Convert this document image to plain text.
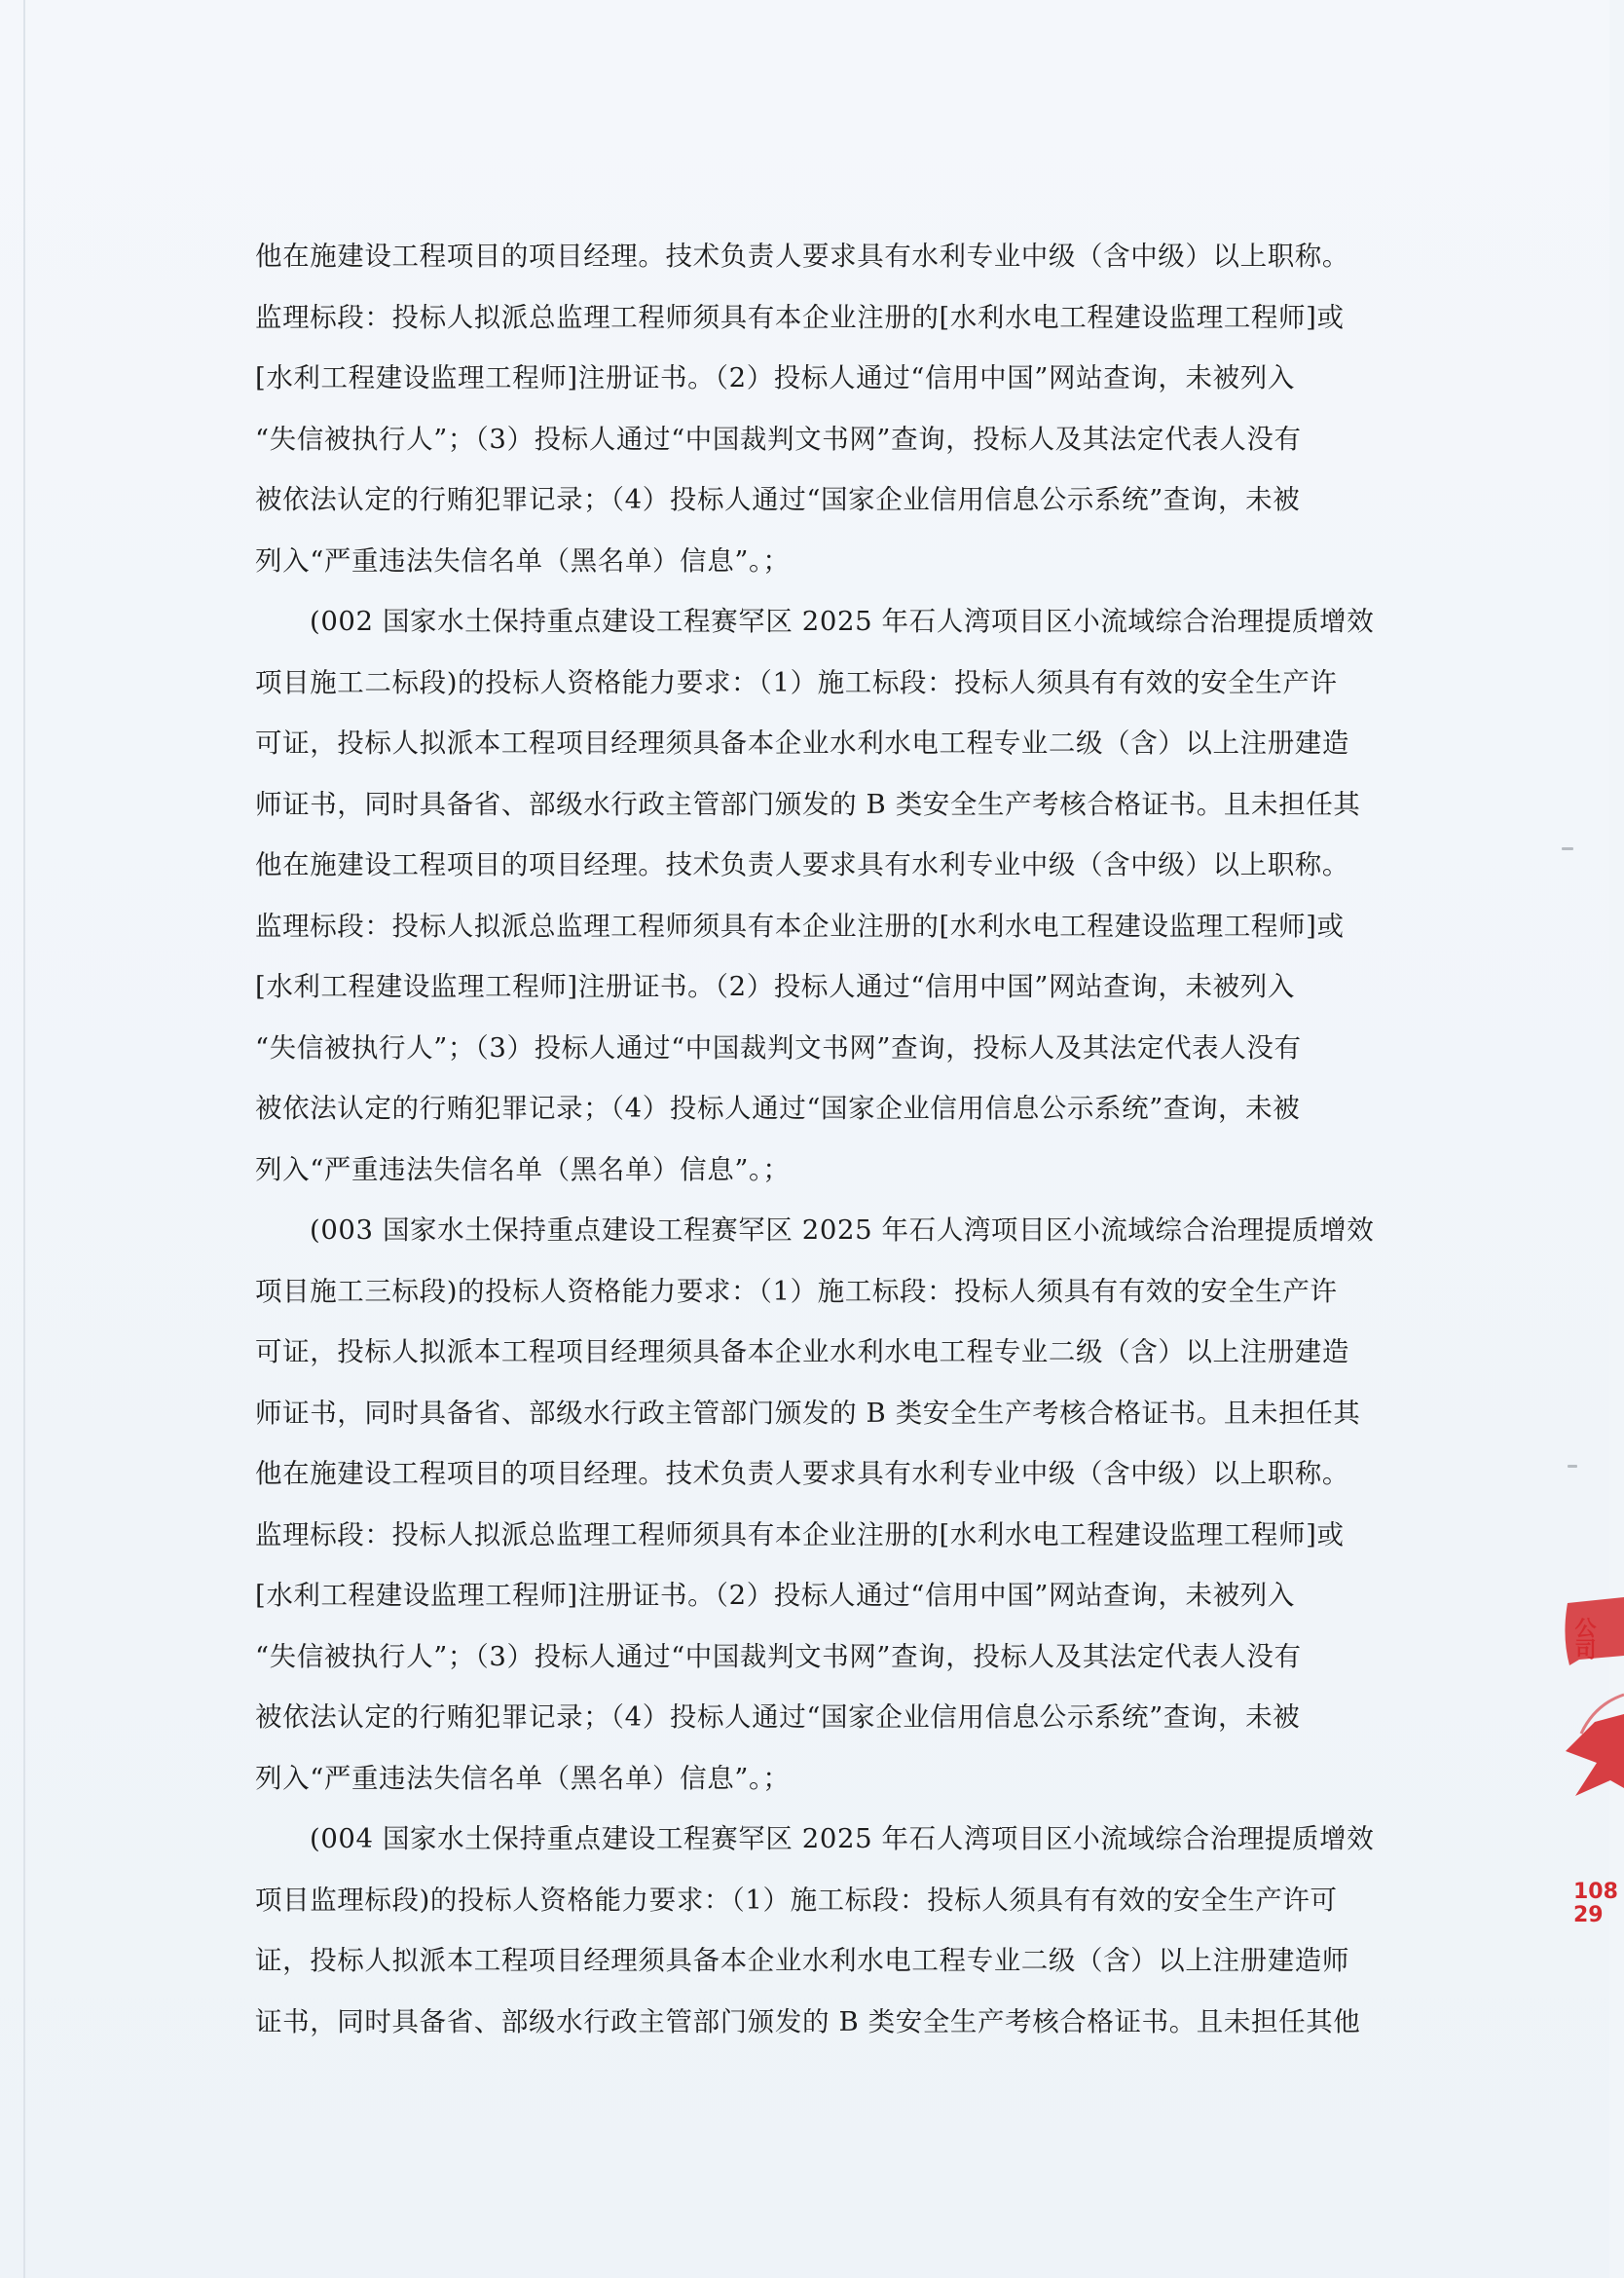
他在施建设工程项目的项目经理。技术负责人要求具有水利专业中级（含中级）以上职称。
监理标段：投标人拟派总监理工程师须具有本企业注册的[水利水电工程建设监理工程师]或
[水利工程建设监理工程师]注册证书。（2）投标人通过“信用中国”网站查询，未被列入
“失信被执行人”；（3）投标人通过“中国裁判文书网”查询，投标人及其法定代表人没有
被依法认定的行贿犯罪记录；（4）投标人通过“国家企业信用信息公示系统”查询，未被
列入“严重违法失信名单（黑名单）信息”。；
(002 国家水土保持重点建设工程赛罕区 2025 年石人湾项目区小流域综合治理提质增效
项目施工二标段)的投标人资格能力要求：（1）施工标段：投标人须具有有效的安全生产许
可证，投标人拟派本工程项目经理须具备本企业水利水电工程专业二级（含）以上注册建造
师证书，同时具备省、部级水行政主管部门颁发的 B 类安全生产考核合格证书。且未担任其
他在施建设工程项目的项目经理。技术负责人要求具有水利专业中级（含中级）以上职称。
监理标段：投标人拟派总监理工程师须具有本企业注册的[水利水电工程建设监理工程师]或
[水利工程建设监理工程师]注册证书。（2）投标人通过“信用中国”网站查询，未被列入
“失信被执行人”；（3）投标人通过“中国裁判文书网”查询，投标人及其法定代表人没有
被依法认定的行贿犯罪记录；（4）投标人通过“国家企业信用信息公示系统”查询，未被
列入“严重违法失信名单（黑名单）信息”。；
(003 国家水土保持重点建设工程赛罕区 2025 年石人湾项目区小流域综合治理提质增效
项目施工三标段)的投标人资格能力要求：（1）施工标段：投标人须具有有效的安全生产许
可证，投标人拟派本工程项目经理须具备本企业水利水电工程专业二级（含）以上注册建造
师证书，同时具备省、部级水行政主管部门颁发的 B 类安全生产考核合格证书。且未担任其
他在施建设工程项目的项目经理。技术负责人要求具有水利专业中级（含中级）以上职称。
监理标段：投标人拟派总监理工程师须具有本企业注册的[水利水电工程建设监理工程师]或
[水利工程建设监理工程师]注册证书。（2）投标人通过“信用中国”网站查询，未被列入
“失信被执行人”；（3）投标人通过“中国裁判文书网”查询，投标人及其法定代表人没有
被依法认定的行贿犯罪记录；（4）投标人通过“国家企业信用信息公示系统”查询，未被
列入“严重违法失信名单（黑名单）信息”。；
(004 国家水土保持重点建设工程赛罕区 2025 年石人湾项目区小流域综合治理提质增效
项目监理标段)的投标人资格能力要求：（1）施工标段：投标人须具有有效的安全生产许可
证，投标人拟派本工程项目经理须具备本企业水利水电工程专业二级（含）以上注册建造师
证书，同时具备省、部级水行政主管部门颁发的 B 类安全生产考核合格证书。且未担任其他
公司
108
29
